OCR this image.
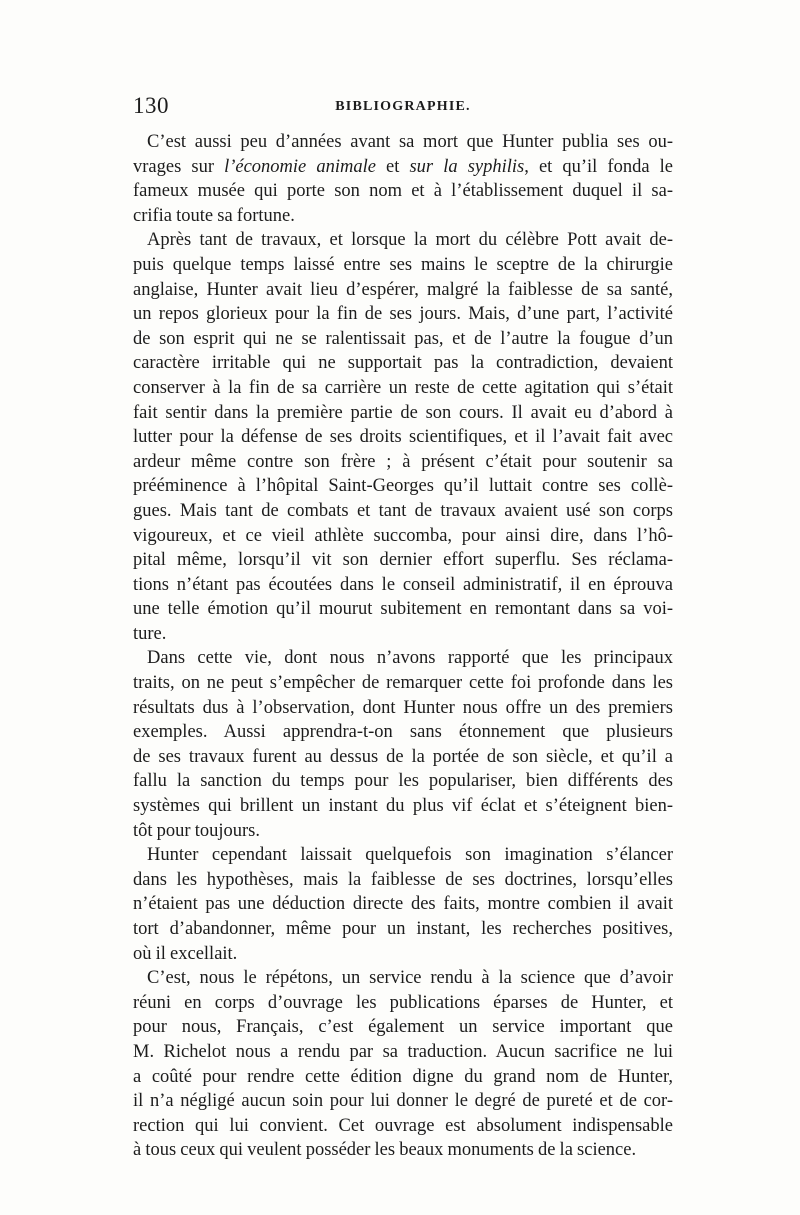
130	BIBLIOGRAPHIE.

C’est aussi peu d’années avant sa mort que Hunter publia ses ou-
vrages sur l’économie animale et sur la syphilis, et qu’il fonda le
fameux musée qui porte son nom et à l’établissement duquel il sa-
crifia toute sa fortune.

Après tant de travaux, et lorsque la mort du célèbre Pott avait de-
puis quelque temps laissé entre ses mains le sceptre de la chirurgie
anglaise, Hunter avait lieu d’espérer, malgré la faiblesse de sa santé,
un repos glorieux pour la fin de ses jours. Mais, d’une part, l’activité
de son esprit qui ne se ralentissait pas, et de l’autre la fougue d’un
caractère irritable qui ne supportait pas la contradiction, devaient
conserver à la fin de sa carrière un reste de cette agitation qui s’était
fait sentir dans la première partie de son cours. Il avait eu d’abord à
lutter pour la défense de ses droits scientifiques, et il l’avait fait avec
ardeur même contre son frère ; à présent c’était pour soutenir sa
prééminence à l’hôpital Saint-Georges qu’il luttait contre ses collè-
gues. Mais tant de combats et tant de travaux avaient usé son corps
vigoureux, et ce vieil athlète succomba, pour ainsi dire, dans l’hô-
pital même, lorsqu’il vit son dernier effort superflu. Ses réclama-
tions n’étant pas écoutées dans le conseil administratif, il en éprouva
une telle émotion qu’il mourut subitement en remontant dans sa voi-
ture.

Dans cette vie, dont nous n’avons rapporté que les principaux
traits, on ne peut s’empêcher de remarquer cette foi profonde dans les
résultats dus à l’observation, dont Hunter nous offre un des premiers
exemples. Aussi apprendra-t-on sans étonnement que plusieurs
de ses travaux furent au dessus de la portée de son siècle, et qu’il a
fallu la sanction du temps pour les populariser, bien différents des
systèmes qui brillent un instant du plus vif éclat et s’éteignent bien-
tôt pour toujours.

Hunter cependant laissait quelquefois son imagination s’élancer
dans les hypothèses, mais la faiblesse de ses doctrines, lorsqu’elles
n’étaient pas une déduction directe des faits, montre combien il avait
tort d’abandonner, même pour un instant, les recherches positives,
où il excellait.

C’est, nous le répétons, un service rendu à la science que d’avoir
réuni en corps d’ouvrage les publications éparses de Hunter, et
pour nous, Français, c’est également un service important que
M. Richelot nous a rendu par sa traduction. Aucun sacrifice ne lui
a coûté pour rendre cette édition digne du grand nom de Hunter,
il n’a négligé aucun soin pour lui donner le degré de pureté et de cor-
rection qui lui convient. Cet ouvrage est absolument indispensable
à tous ceux qui veulent posséder les beaux monuments de la science.
